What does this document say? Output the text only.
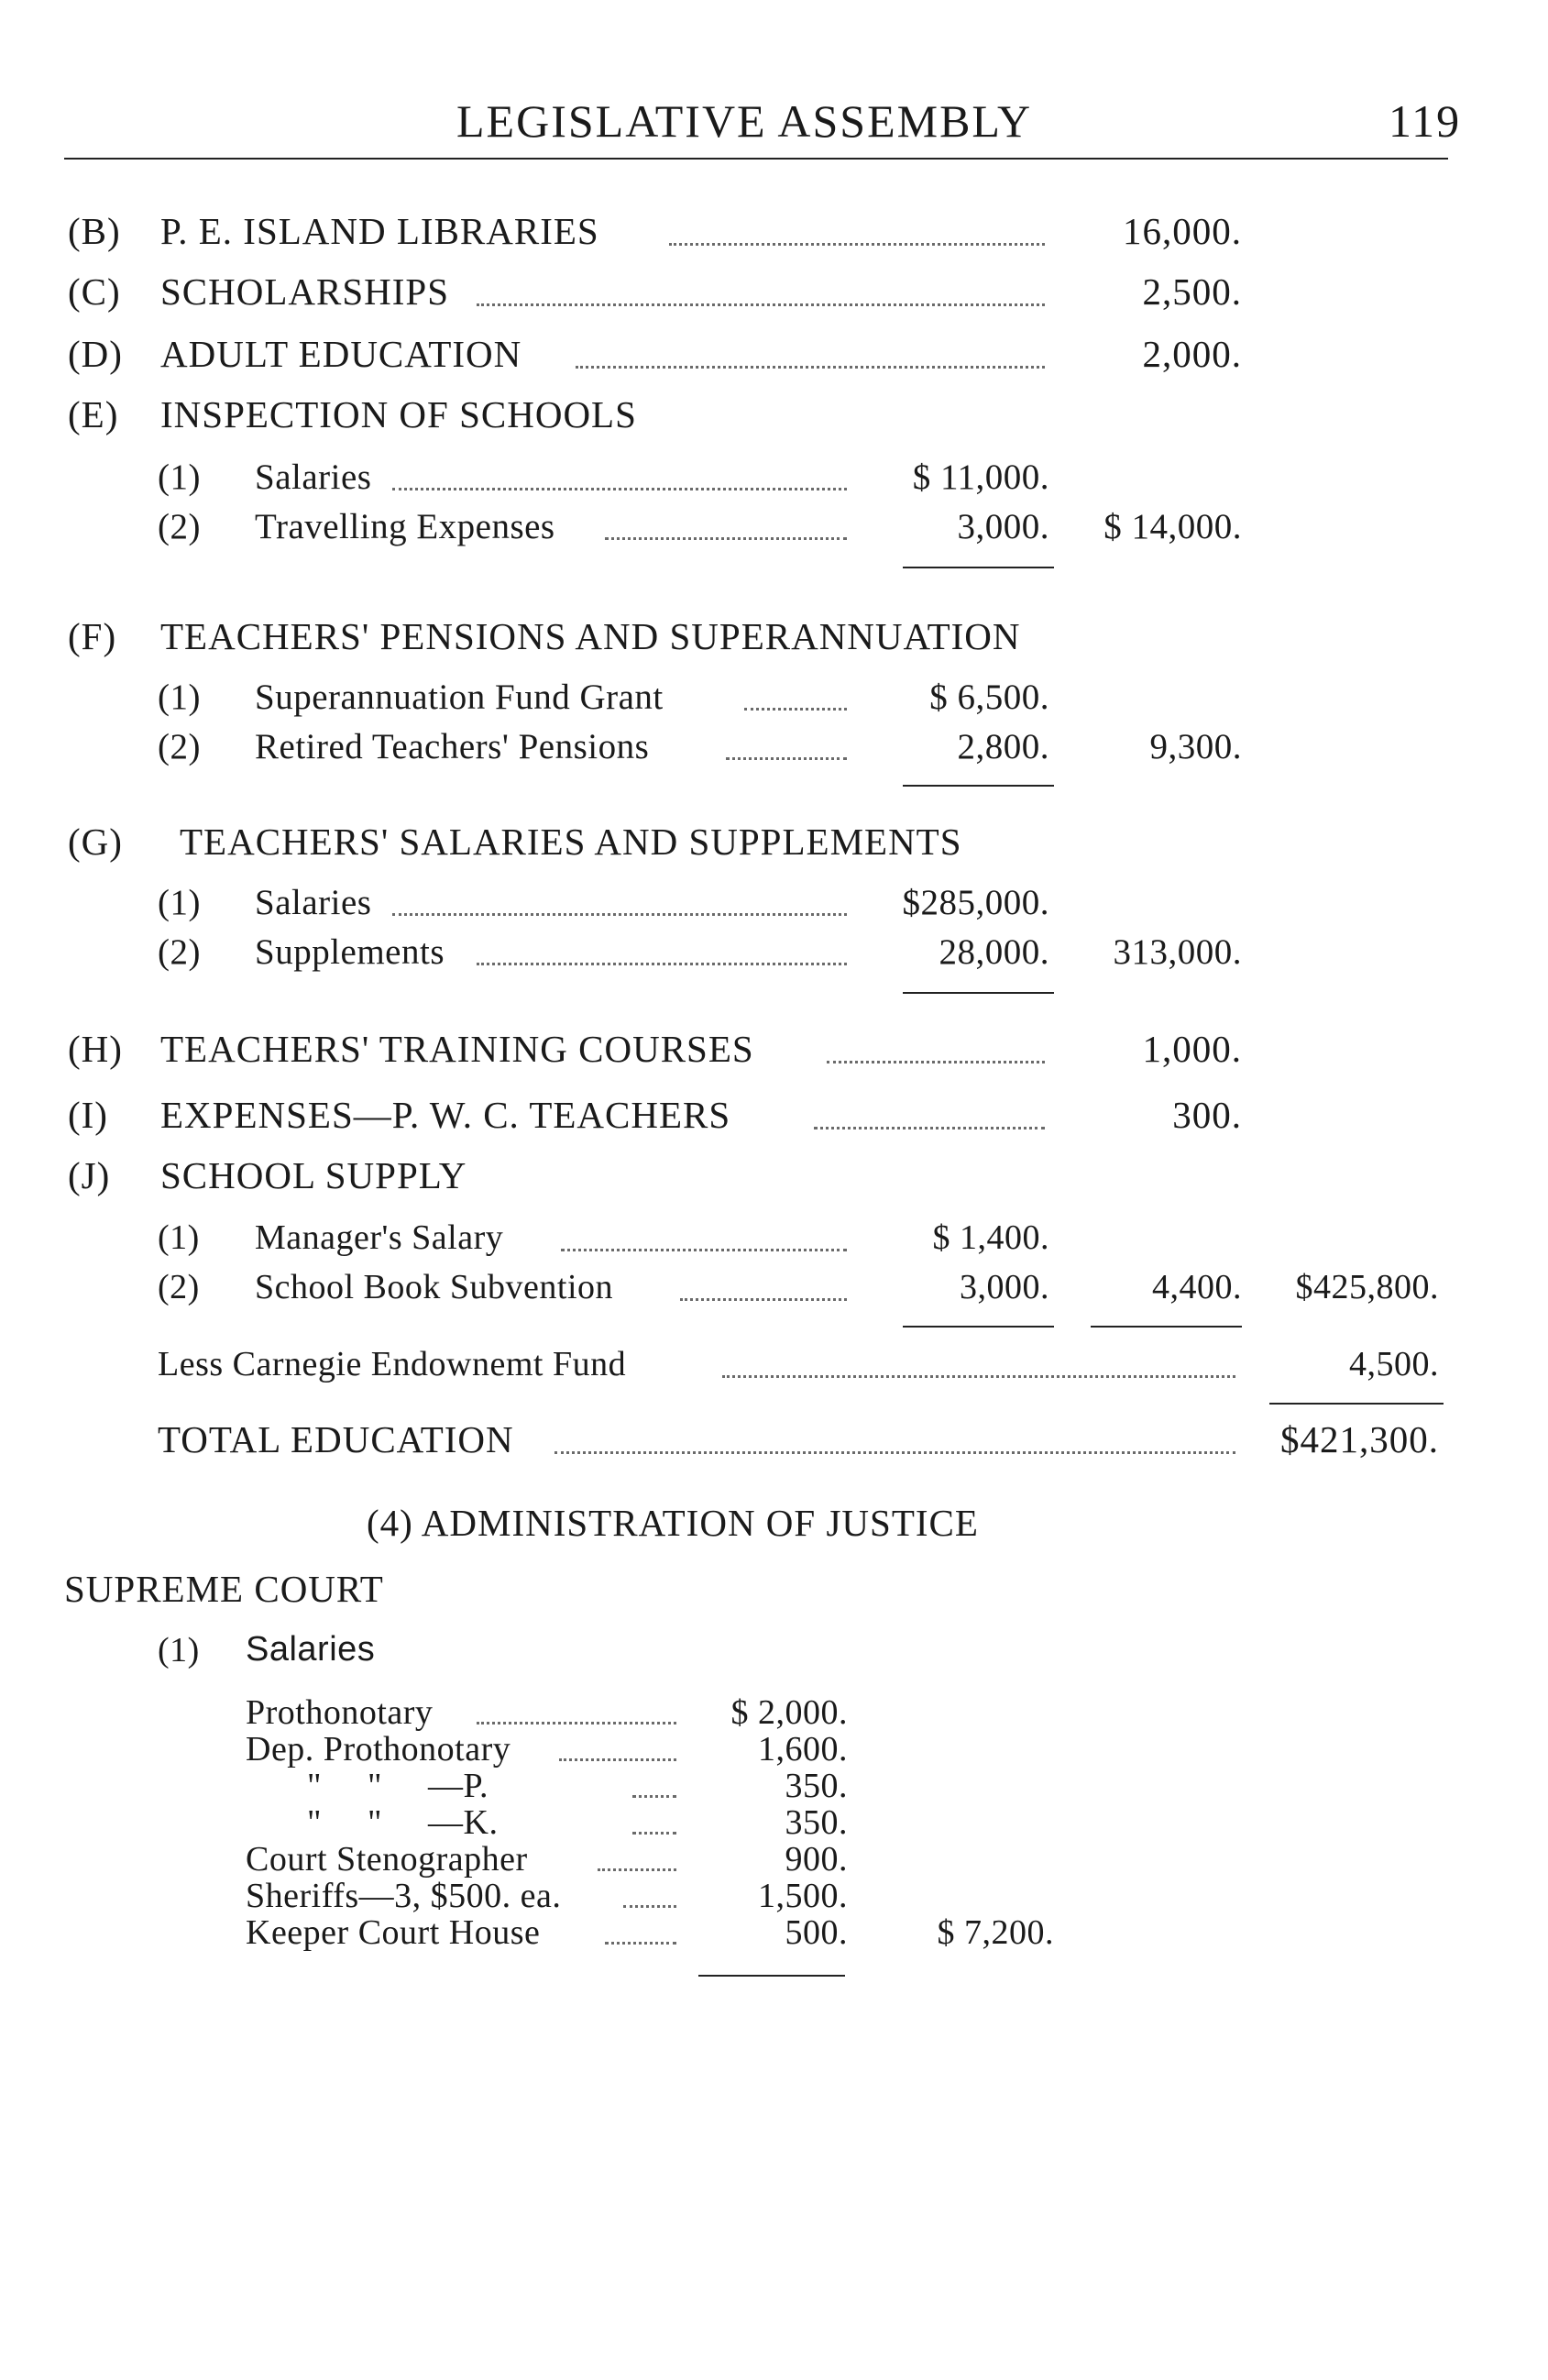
LEGISLATIVE ASSEMBLY	119
(B) P. E. ISLAND LIBRARIES	16,000.
(C) SCHOLARSHIPS	2,500.
(D) ADULT EDUCATION	2,000.
(E) INSPECTION OF SCHOOLS
(1) Salaries	$ 11,000.
(2) Travelling Expenses	3,000.	$ 14,000.
(F) TEACHERS' PENSIONS AND SUPERANNUATION
(1) Superannuation Fund Grant	$ 6,500.
(2) Retired Teachers' Pensions	2,800.	9,300.
(G) TEACHERS' SALARIES AND SUPPLEMENTS
(1) Salaries	$285,000.
(2) Supplements	28,000.	313,000.
(H) TEACHERS' TRAINING COURSES	1,000.
(I) EXPENSES—P. W. C. TEACHERS	300.
(J) SCHOOL SUPPLY
(1) Manager's Salary	$ 1,400.
(2) School Book Subvention	3,000.	4,400.	$425,800.
Less Carnegie Endownemt Fund	4,500.
TOTAL EDUCATION	$421,300.
(4) ADMINISTRATION OF JUSTICE
SUPREME COURT
(1) Salaries
Prothonotary	$ 2,000.
Dep. Prothonotary	1,600.
"     "     —P.	350.
"     "     —K.	350.
Court Stenographer	900.
Sheriffs—3, $500. ea.	1,500.
Keeper Court House	500.	$ 7,200.
